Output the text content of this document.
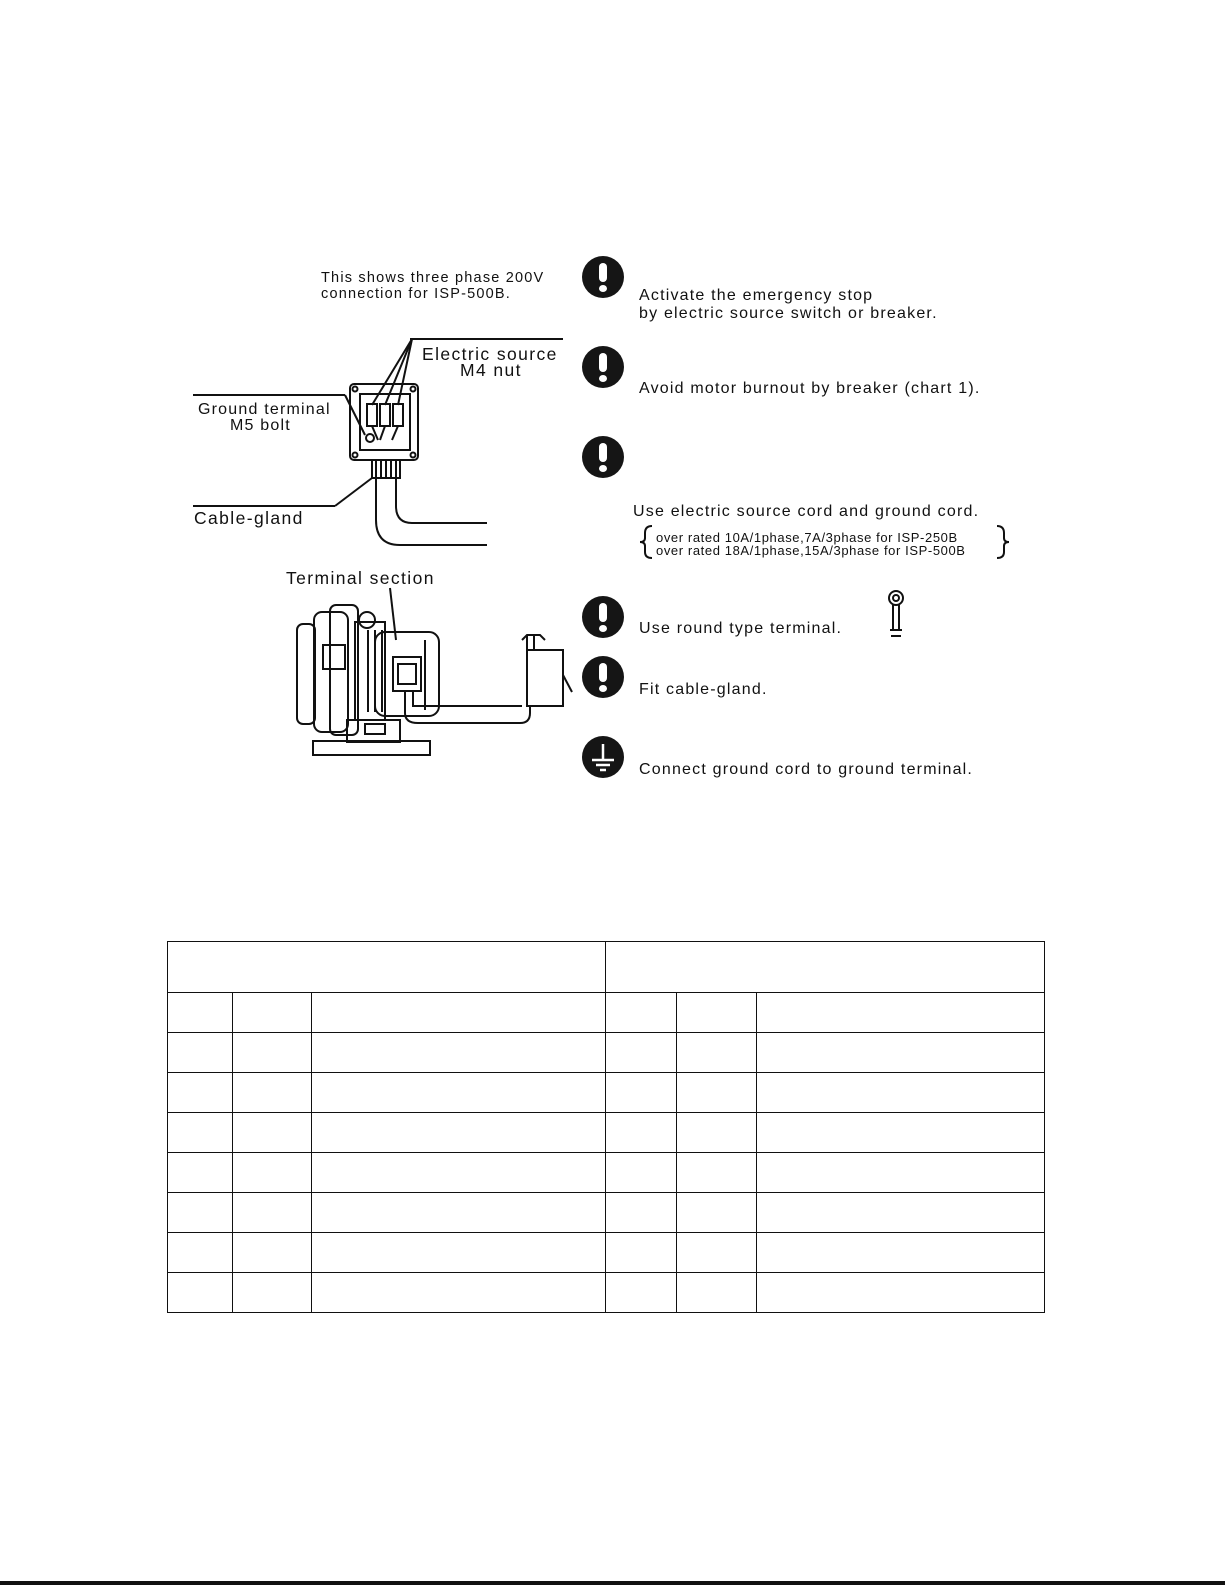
This shows three phase 200V
connection for ISP-500B.
Electric source
M4 nut
Ground terminal
M5 bolt
Cable-gland
Terminal section
Activate the emergency stop
by electric source switch or breaker.
Avoid motor burnout by breaker (chart 1).
Use electric source cord and ground cord.
over rated 10A/1phase,7A/3phase for ISP-250B
over rated 18A/1phase,15A/3phase for ISP-500B
Use round type terminal.
Fit cable-gland.
Connect ground cord to ground terminal.
